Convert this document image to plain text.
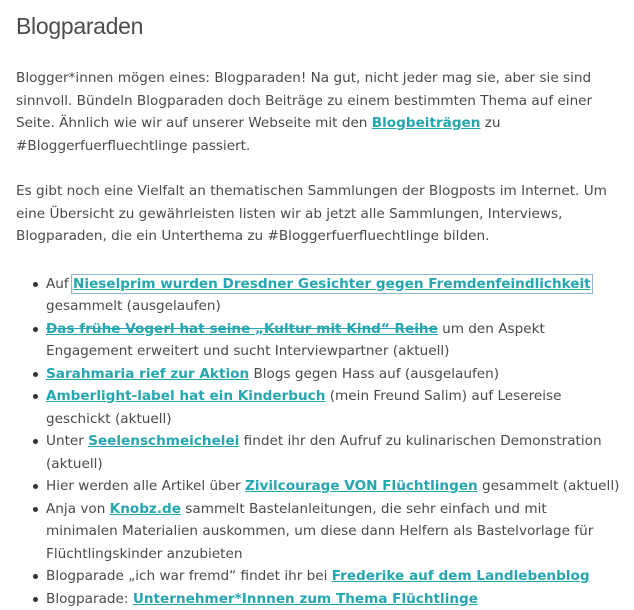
Blogparaden

Blogger*innen mögen eines: Blogparaden! Na gut, nicht jeder mag sie, aber sie sind sinnvoll. Bündeln Blogparaden doch Beiträge zu einem bestimmten Thema auf einer Seite. Ähnlich wie wir auf unserer Webseite mit den Blogbeiträgen zu #Bloggerfuerfluechtlinge passiert.

Es gibt noch eine Vielfalt an thematischen Sammlungen der Blogposts im Internet. Um eine Übersicht zu gewährleisten listen wir ab jetzt alle Sammlungen, Interviews, Blogparaden, die ein Unterthema zu #Bloggerfuerfluechtlinge bilden.

Auf Nieselprim wurden Dresdner Gesichter gegen Fremdenfeindlichkeit gesammelt (ausgelaufen)
Das frühe Vogerl hat seine „Kultur mit Kind“ Reihe um den Aspekt Engagement erweitert und sucht Interviewpartner (aktuell)
Sarahmaria rief zur Aktion Blogs gegen Hass auf (ausgelaufen)
Amberlight-label hat ein Kinderbuch (mein Freund Salim) auf Lesereise geschickt (aktuell)
Unter Seelenschmeichelei findet ihr den Aufruf zu kulinarischen Demonstration (aktuell)
Hier werden alle Artikel über Zivilcourage VON Flüchtlingen gesammelt (aktuell)
Anja von Knobz.de sammelt Bastelanleitungen, die sehr einfach und mit minimalen Materialien auskommen, um diese dann Helfern als Bastelvorlage für Flüchtlingskinder anzubieten
Blogparade „ich war fremd“ findet ihr bei Frederike auf dem Landlebenblog
Blogparade: Unternehmer*Innnen zum Thema Flüchtlinge
